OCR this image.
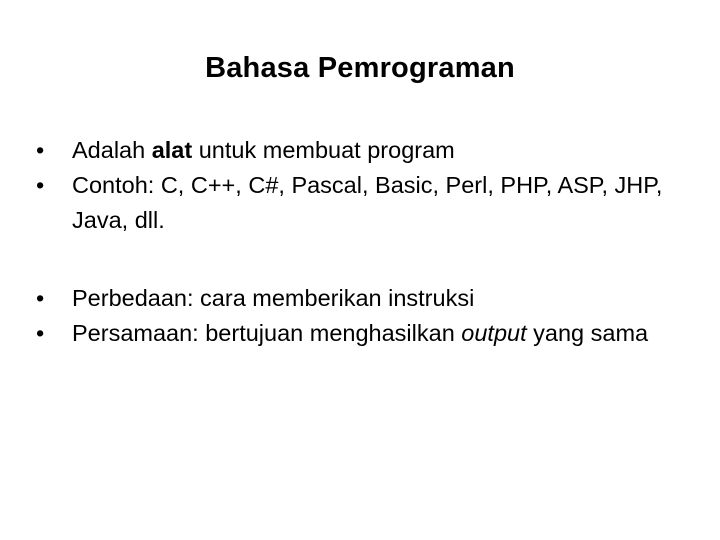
Bahasa Pemrograman
• Adalah alat untuk membuat program
• Contoh: C, C++, C#, Pascal, Basic, Perl, PHP, ASP, JHP, Java, dll.
• Perbedaan: cara memberikan instruksi
• Persamaan: bertujuan menghasilkan output yang sama
